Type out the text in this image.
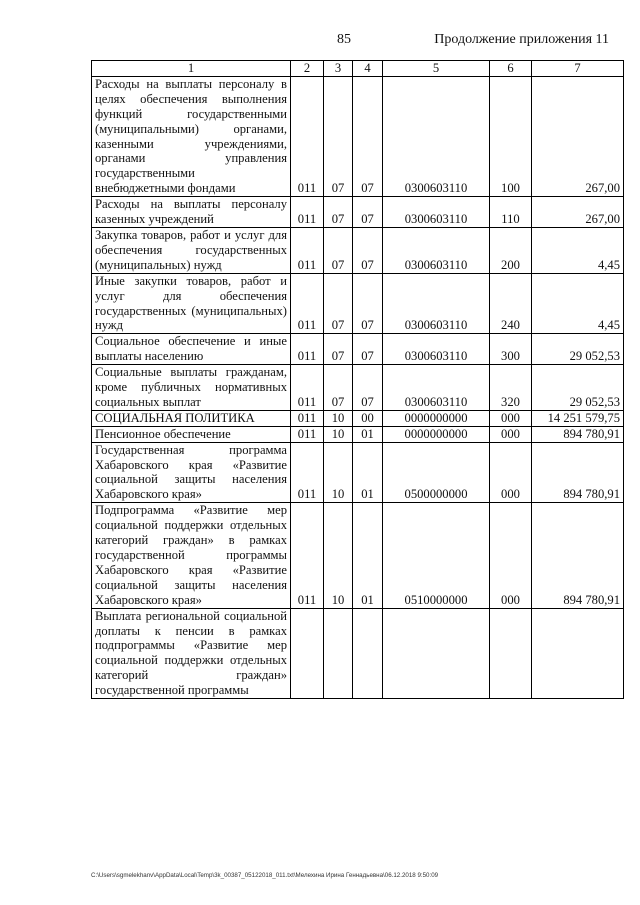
85	Продолжение приложения 11
1	2	3	4	5	6	7
Расходы на выплаты персоналу в целях обеспечения выполнения функций государственными (муниципальными) органами, казенными учреждениями, органами управления государственными внебюджетными фондами	011	07	07	0300603110	100	267,00
Расходы на выплаты персоналу казенных учреждений	011	07	07	0300603110	110	267,00
Закупка товаров, работ и услуг для обеспечения государственных (муниципальных) нужд	011	07	07	0300603110	200	4,45
Иные закупки товаров, работ и услуг для обеспечения государственных (муниципальных) нужд	011	07	07	0300603110	240	4,45
Социальное обеспечение и иные выплаты населению	011	07	07	0300603110	300	29 052,53
Социальные выплаты гражданам, кроме публичных нормативных социальных выплат	011	07	07	0300603110	320	29 052,53
СОЦИАЛЬНАЯ ПОЛИТИКА	011	10	00	0000000000	000	14 251 579,75
Пенсионное обеспечение	011	10	01	0000000000	000	894 780,91
Государственная программа Хабаровского края «Развитие социальной защиты населения Хабаровского края»	011	10	01	0500000000	000	894 780,91
Подпрограмма «Развитие мер социальной поддержки отдельных категорий граждан» в рамках государственной программы Хабаровского края «Развитие социальной защиты населения Хабаровского края»	011	10	01	0510000000	000	894 780,91
Выплата региональной социальной доплаты к пенсии в рамках подпрограммы «Развитие мер социальной поддержки отдельных категорий граждан» государственной программы						
C:\Users\sgmelekhanv\AppData\Local\Temp\3k_00387_05122018_011.txt\Мелехина Ирина Геннадьевна\06.12.2018 9:50:09
